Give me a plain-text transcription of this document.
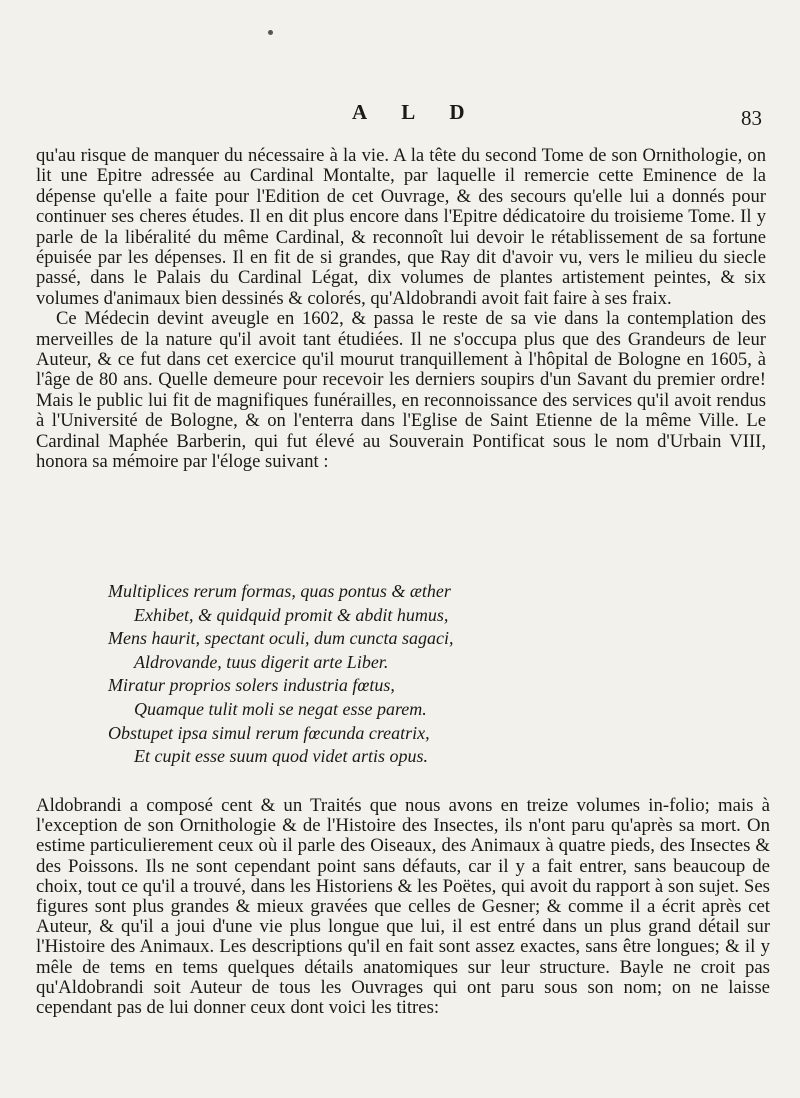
A L D	83

qu'au risque de manquer du nécessaire à la vie. A la tête du second Tome de son Ornithologie, on lit une Epitre adressée au Cardinal Montalte, par laquelle il remercie cette Eminence de la dépense qu'elle a faite pour l'Edition de cet Ouvrage, & des secours qu'elle lui a donnés pour continuer ses cheres études. Il en dit plus encore dans l'Epitre dédicatoire du troisieme Tome. Il y parle de la libéralité du même Cardinal, & reconnoît lui devoir le rétablissement de sa fortune épuisée par les dépenses. Il en fit de si grandes, que Ray dit d'avoir vu, vers le milieu du siecle passé, dans le Palais du Cardinal Légat, dix volumes de plantes artistement peintes, & six volumes d'animaux bien dessinés & colorés, qu'Aldobrandi avoit fait faire à ses fraix.

Ce Médecin devint aveugle en 1602, & passa le reste de sa vie dans la contemplation des merveilles de la nature qu'il avoit tant étudiées. Il ne s'occupa plus que des Grandeurs de leur Auteur, & ce fut dans cet exercice qu'il mourut tranquillement à l'hôpital de Bologne en 1605, à l'âge de 80 ans. Quelle demeure pour recevoir les derniers soupirs d'un Savant du premier ordre! Mais le public lui fit de magnifiques funérailles, en reconnoissance des services qu'il avoit rendus à l'Université de Bologne, & on l'enterra dans l'Eglise de Saint Etienne de la même Ville. Le Cardinal Maphée Barberin, qui fut élevé au Souverain Pontificat sous le nom d'Urbain VIII, honora sa mémoire par l'éloge suivant :

Multiplices rerum formas, quas pontus & æther
Exhibet, & quidquid promit & abdit humus,
Mens haurit, spectant oculi, dum cuncta sagaci,
Aldrovande, tuus digerit arte Liber.
Miratur proprios solers industria fœtus,
Quamque tulit moli se negat esse parem.
Obstupet ipsa simul rerum fœcunda creatrix,
Et cupit esse suum quod videt artis opus.

Aldobrandi a composé cent & un Traités que nous avons en treize volumes in-folio; mais à l'exception de son Ornithologie & de l'Histoire des Insectes, ils n'ont paru qu'après sa mort. On estime particulierement ceux où il parle des Oiseaux, des Animaux à quatre pieds, des Insectes & des Poissons. Ils ne sont cependant point sans défauts, car il y a fait entrer, sans beaucoup de choix, tout ce qu'il a trouvé, dans les Historiens & les Poëtes, qui avoit du rapport à son sujet. Ses figures sont plus grandes & mieux gravées que celles de Gesner; & comme il a écrit après cet Auteur, & qu'il a joui d'une vie plus longue que lui, il est entré dans un plus grand détail sur l'Histoire des Animaux. Les descriptions qu'il en fait sont assez exactes, sans être longues; & il y mêle de tems en tems quelques détails anatomiques sur leur structure. Bayle ne croit pas qu'Aldobrandi soit Auteur de tous les Ouvrages qui ont paru sous son nom; on ne laisse cependant pas de lui donner ceux dont voici les titres:
